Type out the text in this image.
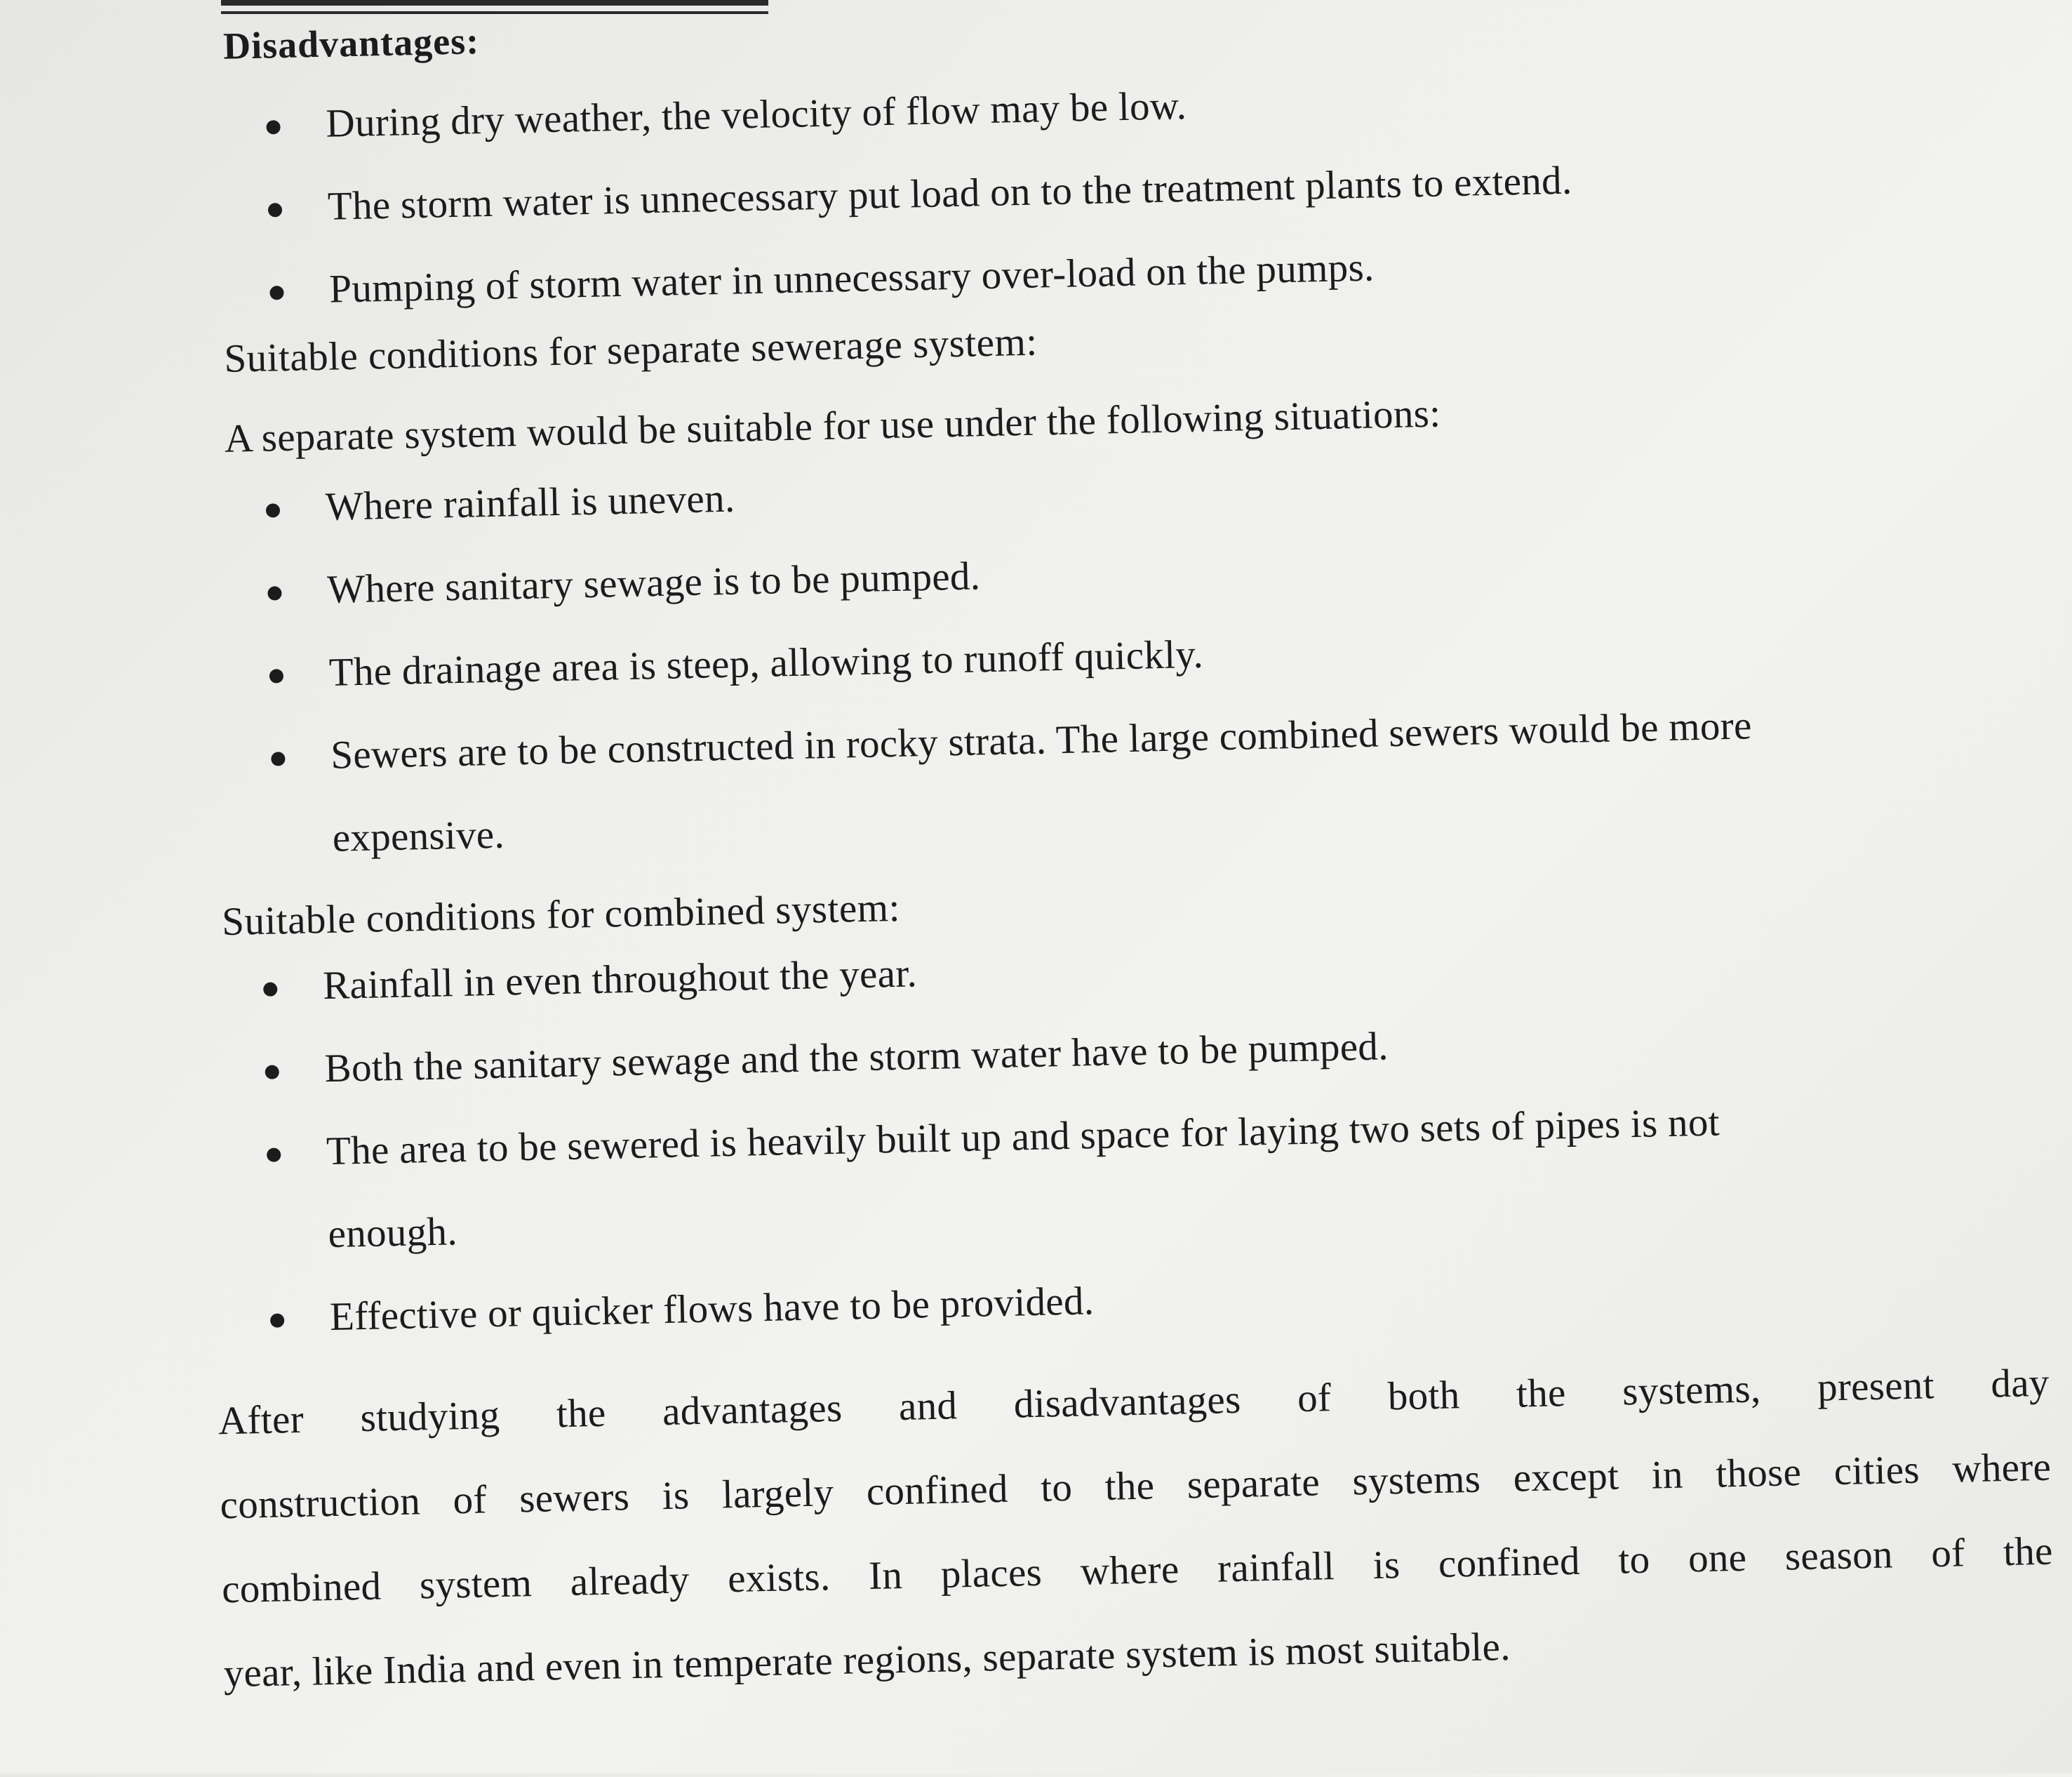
Disadvantages:
During dry weather, the velocity of flow may be low.
The storm water is unnecessary put load on to the treatment plants to extend.
Pumping of storm water in unnecessary over-load on the pumps.
Suitable conditions for separate sewerage system:
A separate system would be suitable for use under the following situations:
Where rainfall is uneven.
Where sanitary sewage is to be pumped.
The drainage area is steep, allowing to runoff quickly.
Sewers are to be constructed in rocky strata. The large combined sewers would be more
expensive.
Suitable conditions for combined system:
Rainfall in even throughout the year.
Both the sanitary sewage and the storm water have to be pumped.
The area to be sewered is heavily built up and space for laying two sets of pipes is not
enough.
Effective or quicker flows have to be provided.
After studying the advantages and disadvantages of both the systems, present day
construction of sewers is largely confined to the separate systems except in those cities where
combined system already exists. In places where rainfall is confined to one season of the
year, like India and even in temperate regions, separate system is most suitable.
